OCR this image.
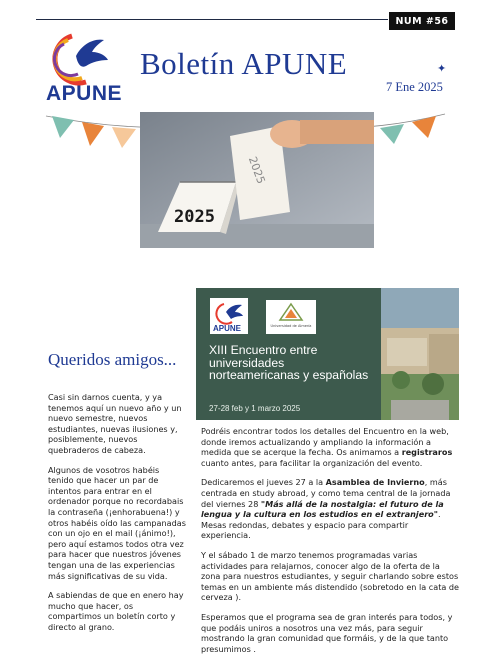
NUM #56
APUNE
Boletín APUNE	✦
7 Ene 2025
2025
2025
APUNE	Universidad de Almería
XIII Encuentro entre universidades norteamericanas y españolas
27-28 feb y 1 marzo 2025
Queridos amigos...

Casi sin darnos cuenta, y ya tenemos aquí un nuevo año y un nuevo semestre, nuevos estudiantes, nuevas ilusiones y, posiblemente, nuevos quebraderos de cabeza.

Algunos de vosotros habéis tenido que hacer un par de intentos para entrar en el ordenador porque no recordabais la contraseña (¡enhorabuena!) y otros habéis oído las campanadas con un ojo en el mail (¡ánimo!), pero aquí estamos todos otra vez para hacer que nuestros jóvenes tengan una de las experiencias más significativas de su vida.

A sabiendas de que en enero hay mucho que hacer, os compartimos un boletín corto y directo al grano.

Podréis encontrar todos los detalles del Encuentro en la web, donde iremos actualizando y ampliando la información a medida que se acerque la fecha. Os animamos a registraros cuanto antes, para facilitar la organización del evento.

Dedicaremos el jueves 27 a la Asamblea de Invierno, más centrada en study abroad, y como tema central de la jornada del viernes 28 "Más allá de la nostalgia: el futuro de la lengua y la cultura en los estudios en el extranjero". Mesas redondas, debates y espacio para compartir experiencia.

Y el sábado 1 de marzo tenemos programadas varias actividades para relajarnos, conocer algo de la oferta de la zona para nuestros estudiantes, y seguir charlando sobre estos temas en un ambiente más distendido (sobretodo en la cata de cerveza ).

Esperamos que el programa sea de gran interés para todos, y que podáis uniros a nosotros una vez más, para seguir mostrando la gran comunidad que formáis, y de la que tanto presumimos .
